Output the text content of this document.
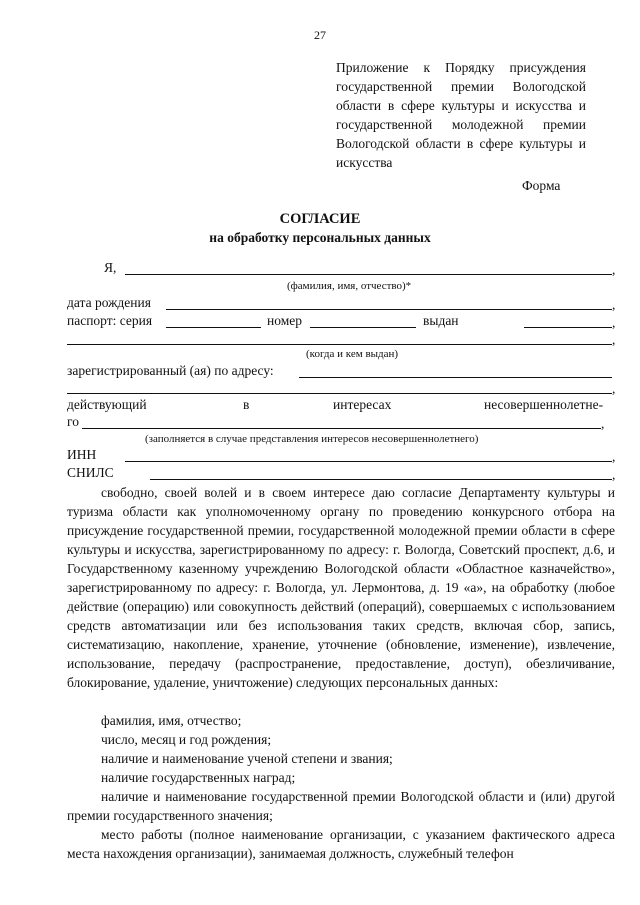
27
Приложение к Порядку присуждения государственной премии Вологодской области в сфере культуры и искусства и государственной молодежной премии Вологодской области в сфере культуры и искусства
Форма
СОГЛАСИЕ
на обработку персональных данных
Я,	,
(фамилия, имя, отчество)*
дата рождения	,
паспорт: серия	номер	выдан	,
,
(когда и кем выдан)
зарегистрированный (ая) по адресу:
,
действующий	в	интересах	несовершеннолетне-
го	,
(заполняется в случае представления интересов несовершеннолетнего)
ИНН	,
СНИЛС	,

свободно, своей волей и в своем интересе даю согласие Департаменту культуры и туризма области как уполномоченному органу по проведению конкурсного отбора на присуждение государственной премии, государственной молодежной премии области в сфере культуры и искусства, зарегистрированному по адресу: г. Вологда, Советский проспект, д.6, и Государственному казенному учреждению Вологодской области «Областное казначейство», зарегистрированному по адресу: г. Вологда, ул. Лермонтова, д. 19 «а», на обработку (любое действие (операцию) или совокупность действий (операций), совершаемых с использованием средств автоматизации или без использования таких средств, включая сбор, запись, систематизацию, накопление, хранение, уточнение (обновление, изменение), извлечение, использование, передачу (распространение, предоставление, доступ), обезличивание, блокирование, удаление, уничтожение) следующих персональных данных:

фамилия, имя, отчество;
число, месяц и год рождения;
наличие и наименование ученой степени и звания;
наличие государственных наград;

наличие и наименование государственной премии Вологодской области и (или) другой премии государственного значения;

место работы (полное наименование организации, с указанием фактического адреса места нахождения организации), занимаемая должность, служебный телефон
